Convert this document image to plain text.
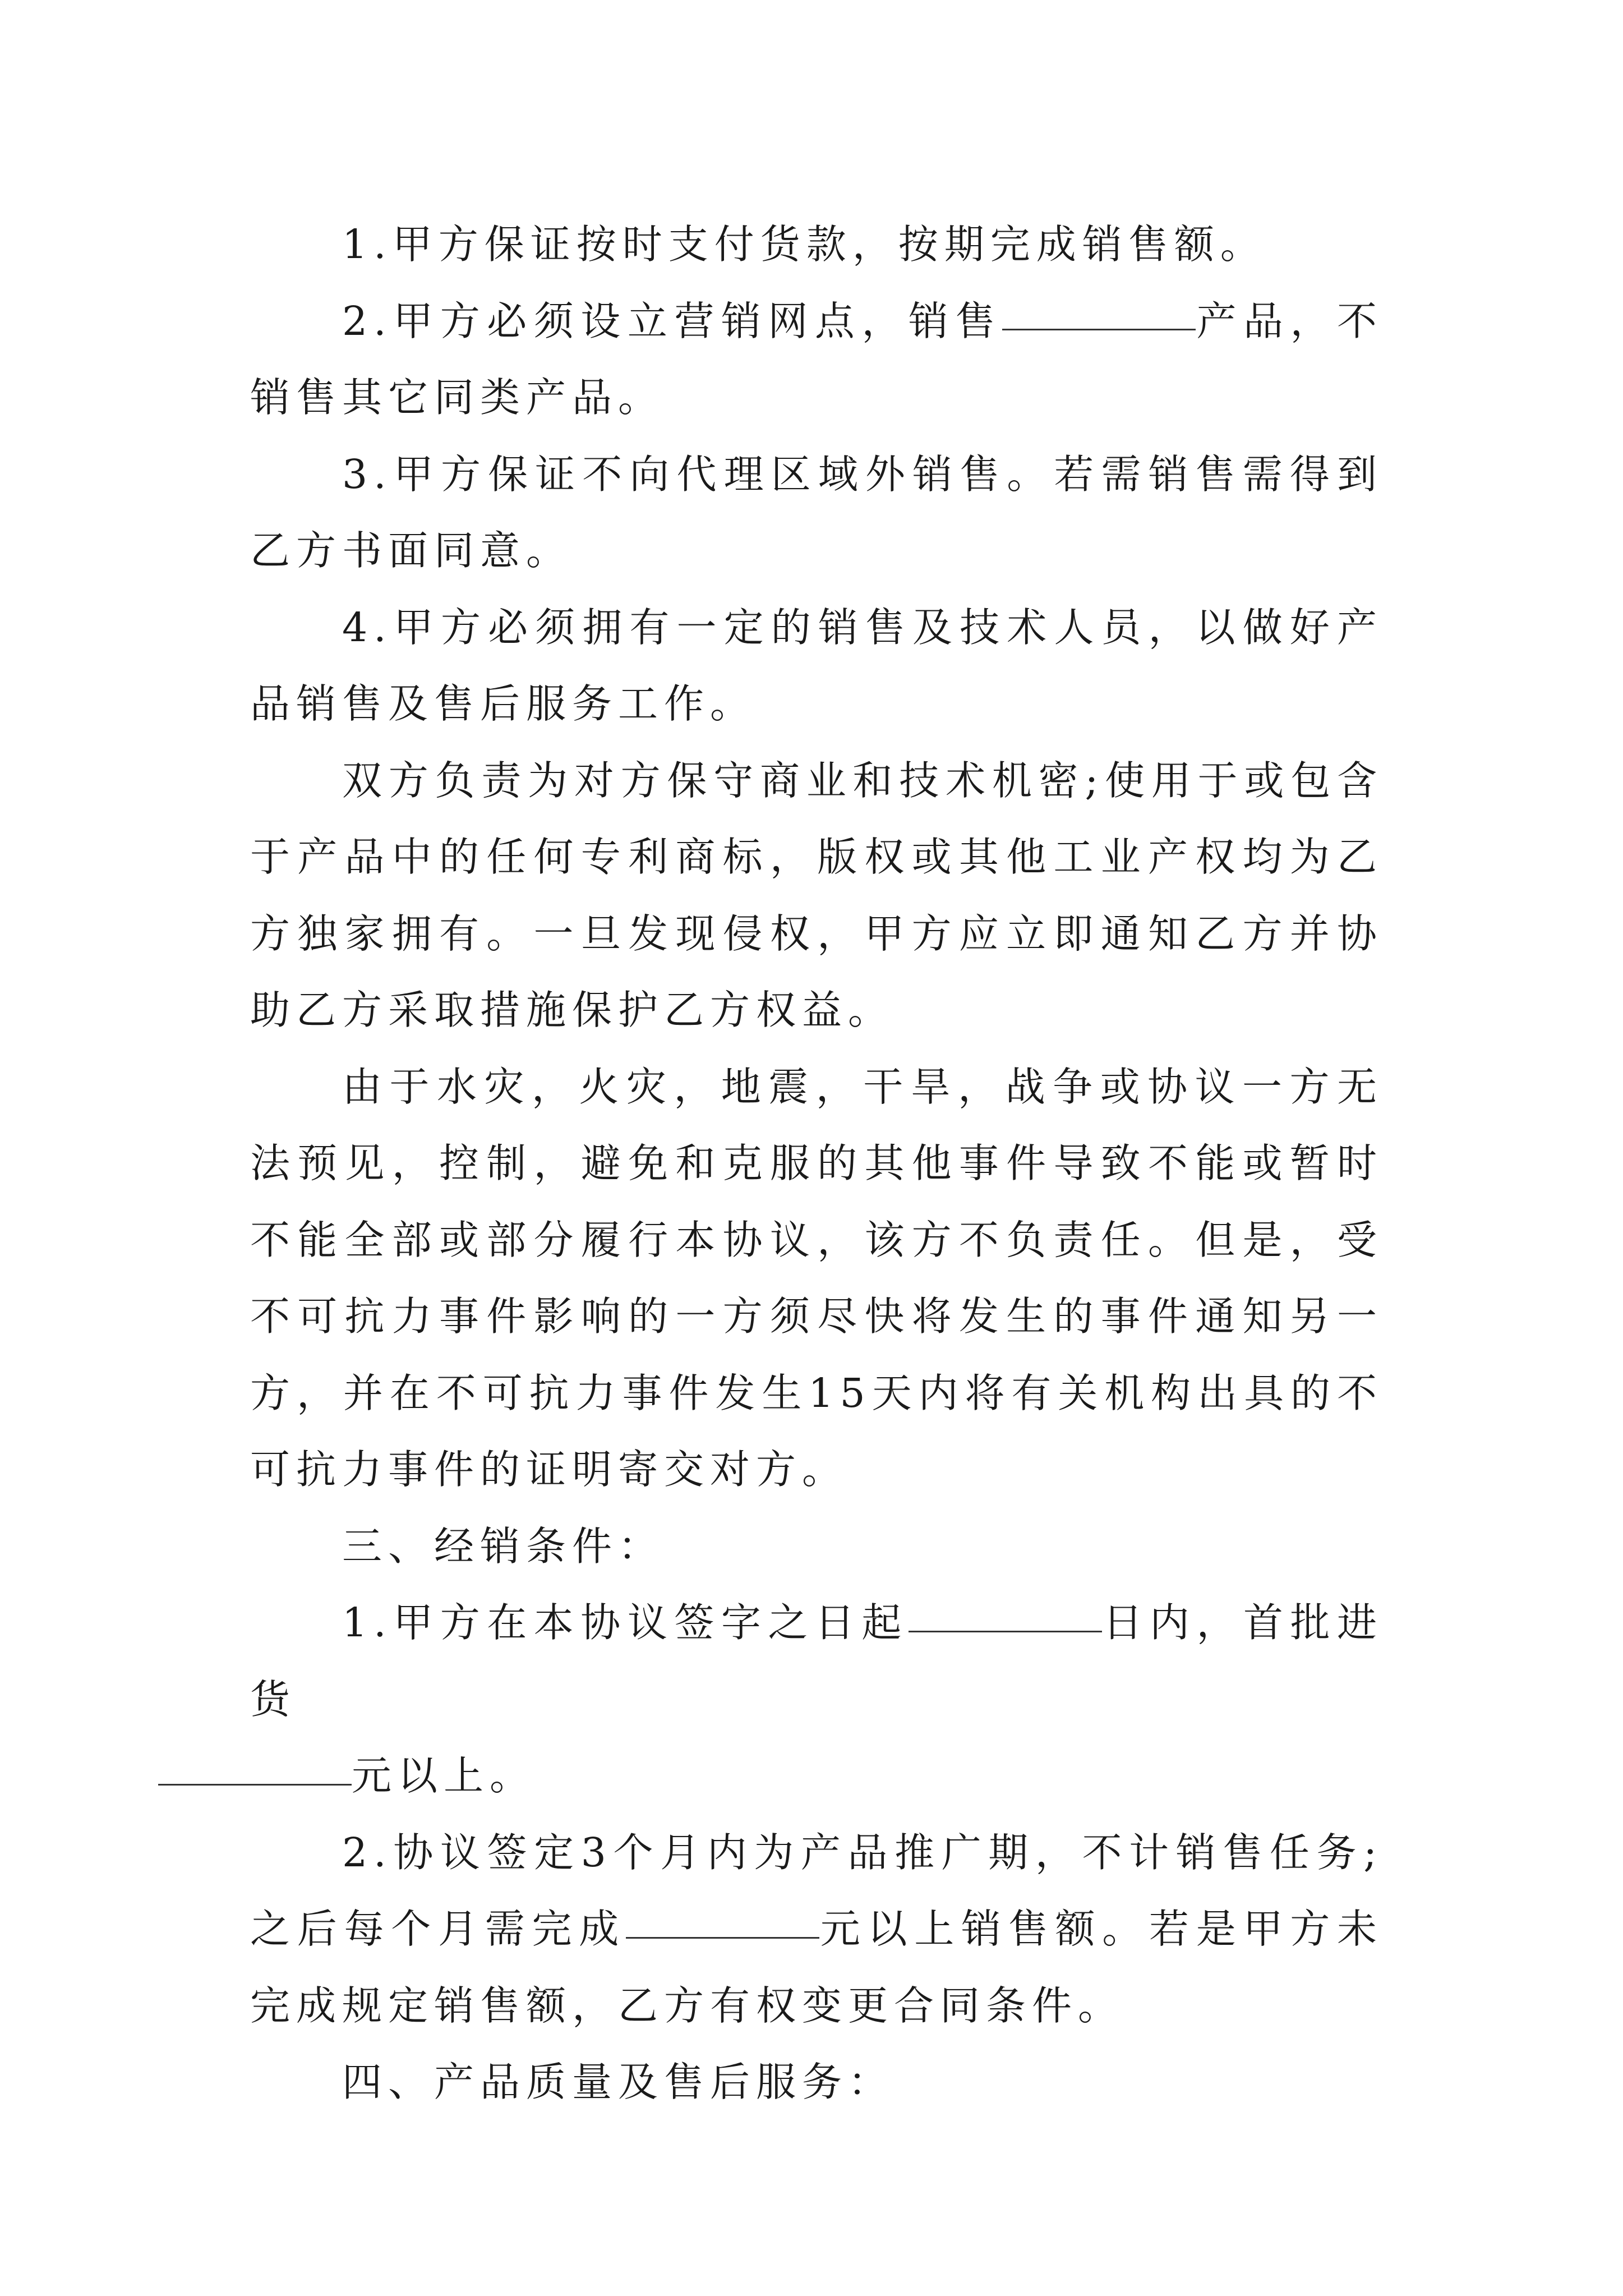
1.甲方保证按时支付货款，按期完成销售额。

2.甲方必须设立营销网点，销售	产品，不销售其它同类产品。

3.甲方保证不向代理区域外销售。若需销售需得到乙方书面同意。

4.甲方必须拥有一定的销售及技术人员，以做好产品销售及售后服务工作。

双方负责为对方保守商业和技术机密;使用于或包含于产品中的任何专利商标，版权或其他工业产权均为乙方独家拥有。一旦发现侵权，甲方应立即通知乙方并协助乙方采取措施保护乙方权益。

由于水灾，火灾，地震，干旱，战争或协议一方无法预见，控制，避免和克服的其他事件导致不能或暂时不能全部或部分履行本协议，该方不负责任。但是，受不可抗力事件影响的一方须尽快将发生的事件通知另一方，并在不可抗力事件发生15天内将有关机构出具的不可抗力事件的证明寄交对方。

三、经销条件：

1.甲方在本协议签字之日起	日内，首批进货
元以上。

2.协议签定3个月内为产品推广期，不计销售任务;之后每个月需完成	元以上销售额。若是甲方未完成规定销售额，乙方有权变更合同条件。

四、产品质量及售后服务：
